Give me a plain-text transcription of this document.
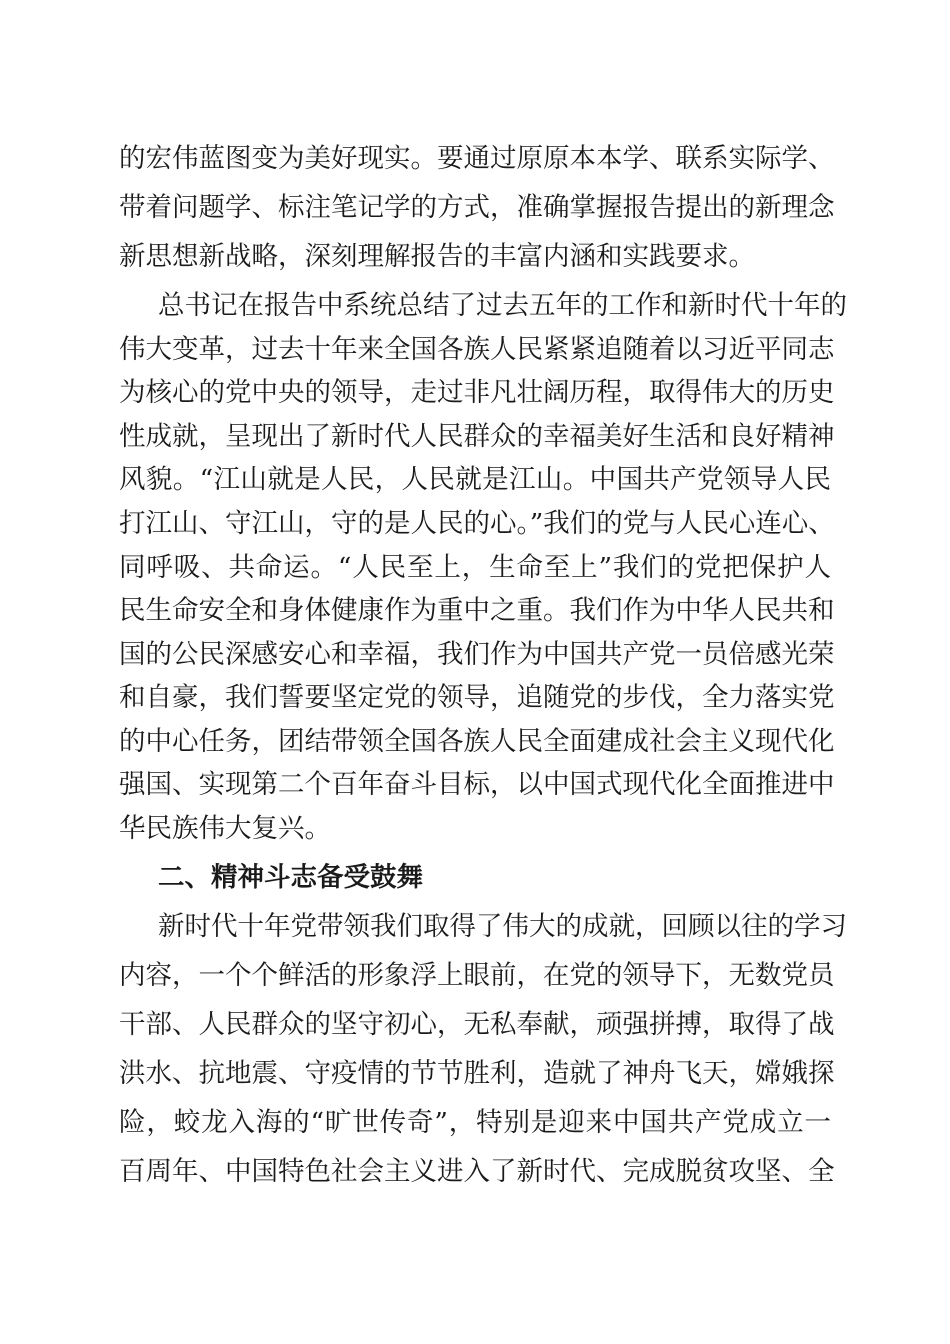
的宏伟蓝图变为美好现实。要通过原原本本学、联系实际学、
带着问题学、标注笔记学的方式，准确掌握报告提出的新理念
新思想新战略，深刻理解报告的丰富内涵和实践要求。
总书记在报告中系统总结了过去五年的工作和新时代十年的
伟大变革，过去十年来全国各族人民紧紧追随着以习近平同志
为核心的党中央的领导，走过非凡壮阔历程，取得伟大的历史
性成就，呈现出了新时代人民群众的幸福美好生活和良好精神
风貌。“江山就是人民，人民就是江山。中国共产党领导人民
打江山、守江山，守的是人民的心。”我们的党与人民心连心、
同呼吸、共命运。“人民至上，生命至上”我们的党把保护人
民生命安全和身体健康作为重中之重。我们作为中华人民共和
国的公民深感安心和幸福，我们作为中国共产党一员倍感光荣
和自豪，我们誓要坚定党的领导，追随党的步伐，全力落实党
的中心任务，团结带领全国各族人民全面建成社会主义现代化
强国、实现第二个百年奋斗目标，以中国式现代化全面推进中
华民族伟大复兴。
二、精神斗志备受鼓舞
新时代十年党带领我们取得了伟大的成就，回顾以往的学习
内容，一个个鲜活的形象浮上眼前，在党的领导下，无数党员
干部、人民群众的坚守初心，无私奉献，顽强拼搏，取得了战
洪水、抗地震、守疫情的节节胜利，造就了神舟飞天，嫦娥探
险，蛟龙入海的“旷世传奇”，特别是迎来中国共产党成立一
百周年、中国特色社会主义进入了新时代、完成脱贫攻坚、全
